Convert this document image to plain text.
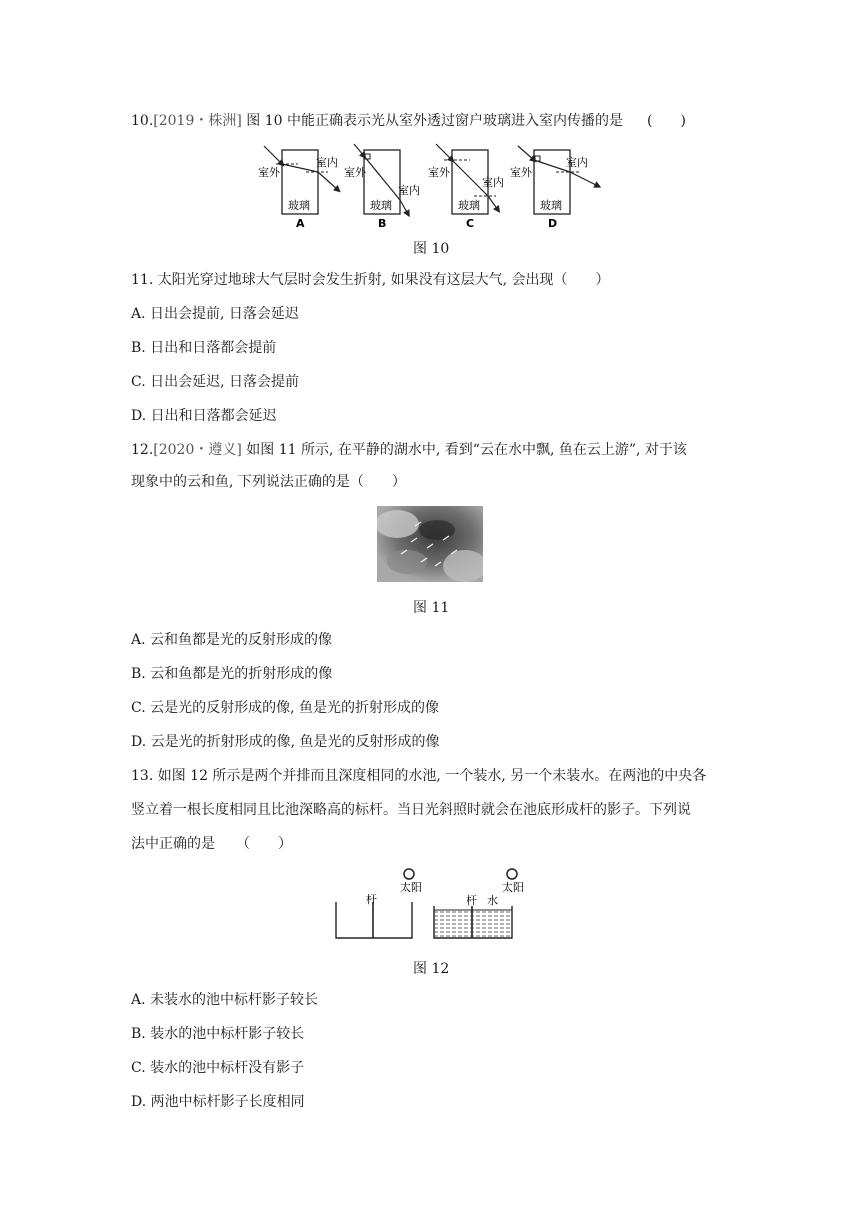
10.[2019・株洲] 图 10 中能正确表示光从室外透过窗户玻璃进入室内传播的是 (　　)
室外
室内
玻璃
A
室外
室内
玻璃
B
室外
室内
玻璃
C
室外
室内
玻璃
D
图 10
11. 太阳光穿过地球大气层时会发生折射, 如果没有这层大气, 会出现（　　）
A. 日出会提前, 日落会延迟
B. 日出和日落都会提前
C. 日出会延迟, 日落会提前
D. 日出和日落都会延迟
12.[2020・遵义] 如图 11 所示, 在平静的湖水中, 看到“云在水中飘, 鱼在云上游”, 对于该
现象中的云和鱼, 下列说法正确的是（　　）
图 11
A. 云和鱼都是光的反射形成的像
B. 云和鱼都是光的折射形成的像
C. 云是光的反射形成的像, 鱼是光的折射形成的像
D. 云是光的折射形成的像, 鱼是光的反射形成的像
13. 如图 12 所示是两个并排而且深度相同的水池, 一个装水, 另一个未装水。在两池的中央各
竖立着一根长度相同且比池深略高的标杆。当日光斜照时就会在池底形成杆的影子。下列说
法中正确的是　　（　　）
太阳
杆
太阳
杆 水
图 12
A. 未装水的池中标杆影子较长
B. 装水的池中标杆影子较长
C. 装水的池中标杆没有影子
D. 两池中标杆影子长度相同
